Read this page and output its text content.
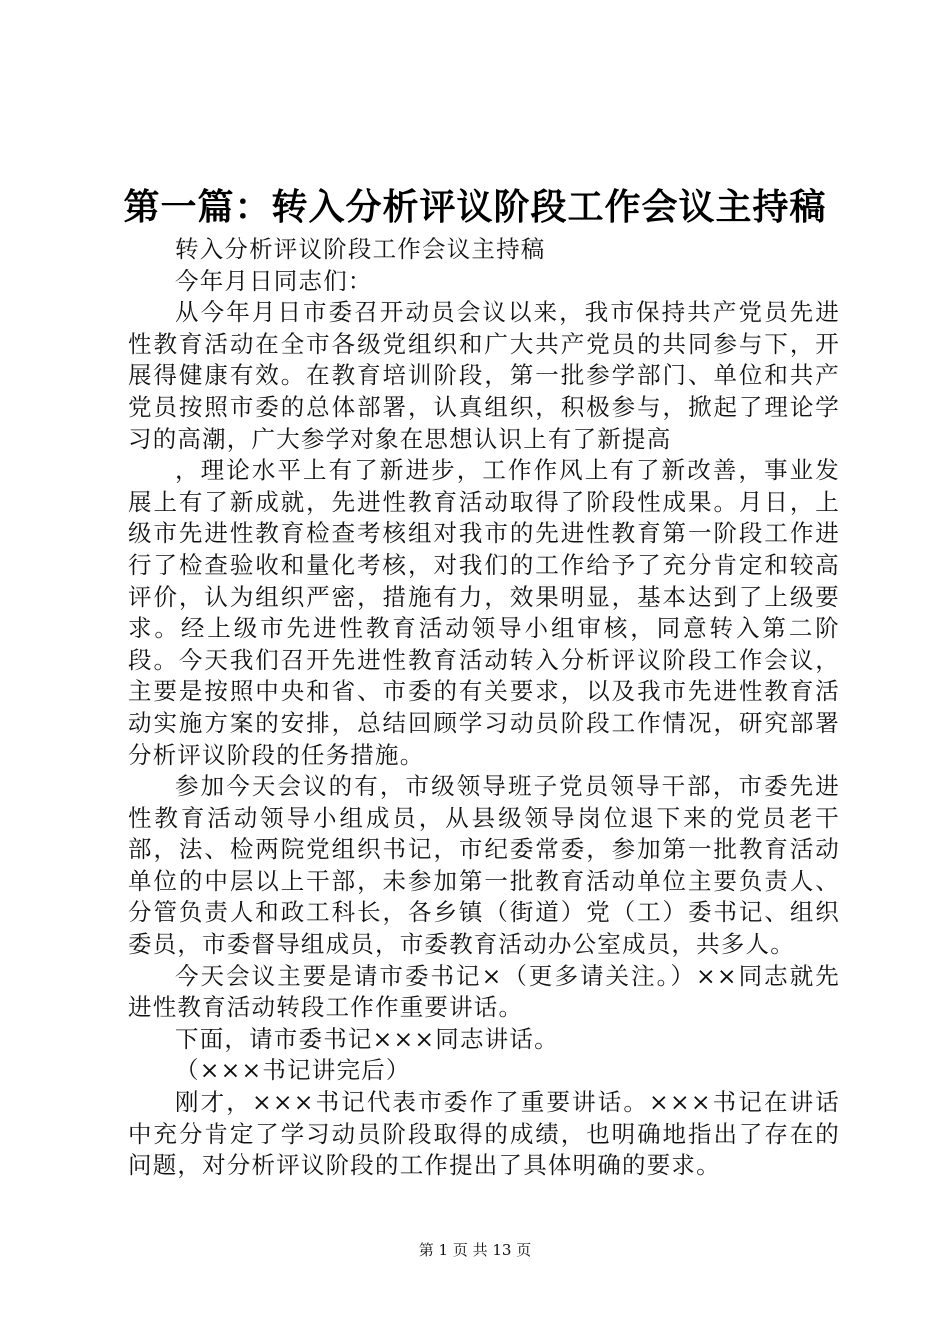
第一篇：转入分析评议阶段工作会议主持稿

转入分析评议阶段工作会议主持稿

今年月日同志们：

从今年月日市委召开动员会议以来，我市保持共产党员先进性教育活动在全市各级党组织和广大共产党员的共同参与下，开展得健康有效。在教育培训阶段，第一批参学部门、单位和共产党员按照市委的总体部署，认真组织，积极参与，掀起了理论学习的高潮，广大参学对象在思想认识上有了新提高

，理论水平上有了新进步，工作作风上有了新改善，事业发展上有了新成就，先进性教育活动取得了阶段性成果。月日，上级市先进性教育检查考核组对我市的先进性教育第一阶段工作进行了检查验收和量化考核，对我们的工作给予了充分肯定和较高评价，认为组织严密，措施有力，效果明显，基本达到了上级要求。经上级市先进性教育活动领导小组审核，同意转入第二阶段。今天我们召开先进性教育活动转入分析评议阶段工作会议，主要是按照中央和省、市委的有关要求，以及我市先进性教育活动实施方案的安排，总结回顾学习动员阶段工作情况，研究部署分析评议阶段的任务措施。

参加今天会议的有，市级领导班子党员领导干部，市委先进性教育活动领导小组成员，从县级领导岗位退下来的党员老干部，法、检两院党组织书记，市纪委常委，参加第一批教育活动单位的中层以上干部，未参加第一批教育活动单位主要负责人、分管负责人和政工科长，各乡镇（街道）党（工）委书记、组织委员，市委督导组成员，市委教育活动办公室成员，共多人。

今天会议主要是请市委书记×（更多请关注。）××同志就先进性教育活动转段工作作重要讲话。

下面，请市委书记×××同志讲话。

（×××书记讲完后）

刚才，×××书记代表市委作了重要讲话。×××书记在讲话中充分肯定了学习动员阶段取得的成绩，也明确地指出了存在的问题，对分析评议阶段的工作提出了具体明确的要求。

第 1 页 共 13 页
